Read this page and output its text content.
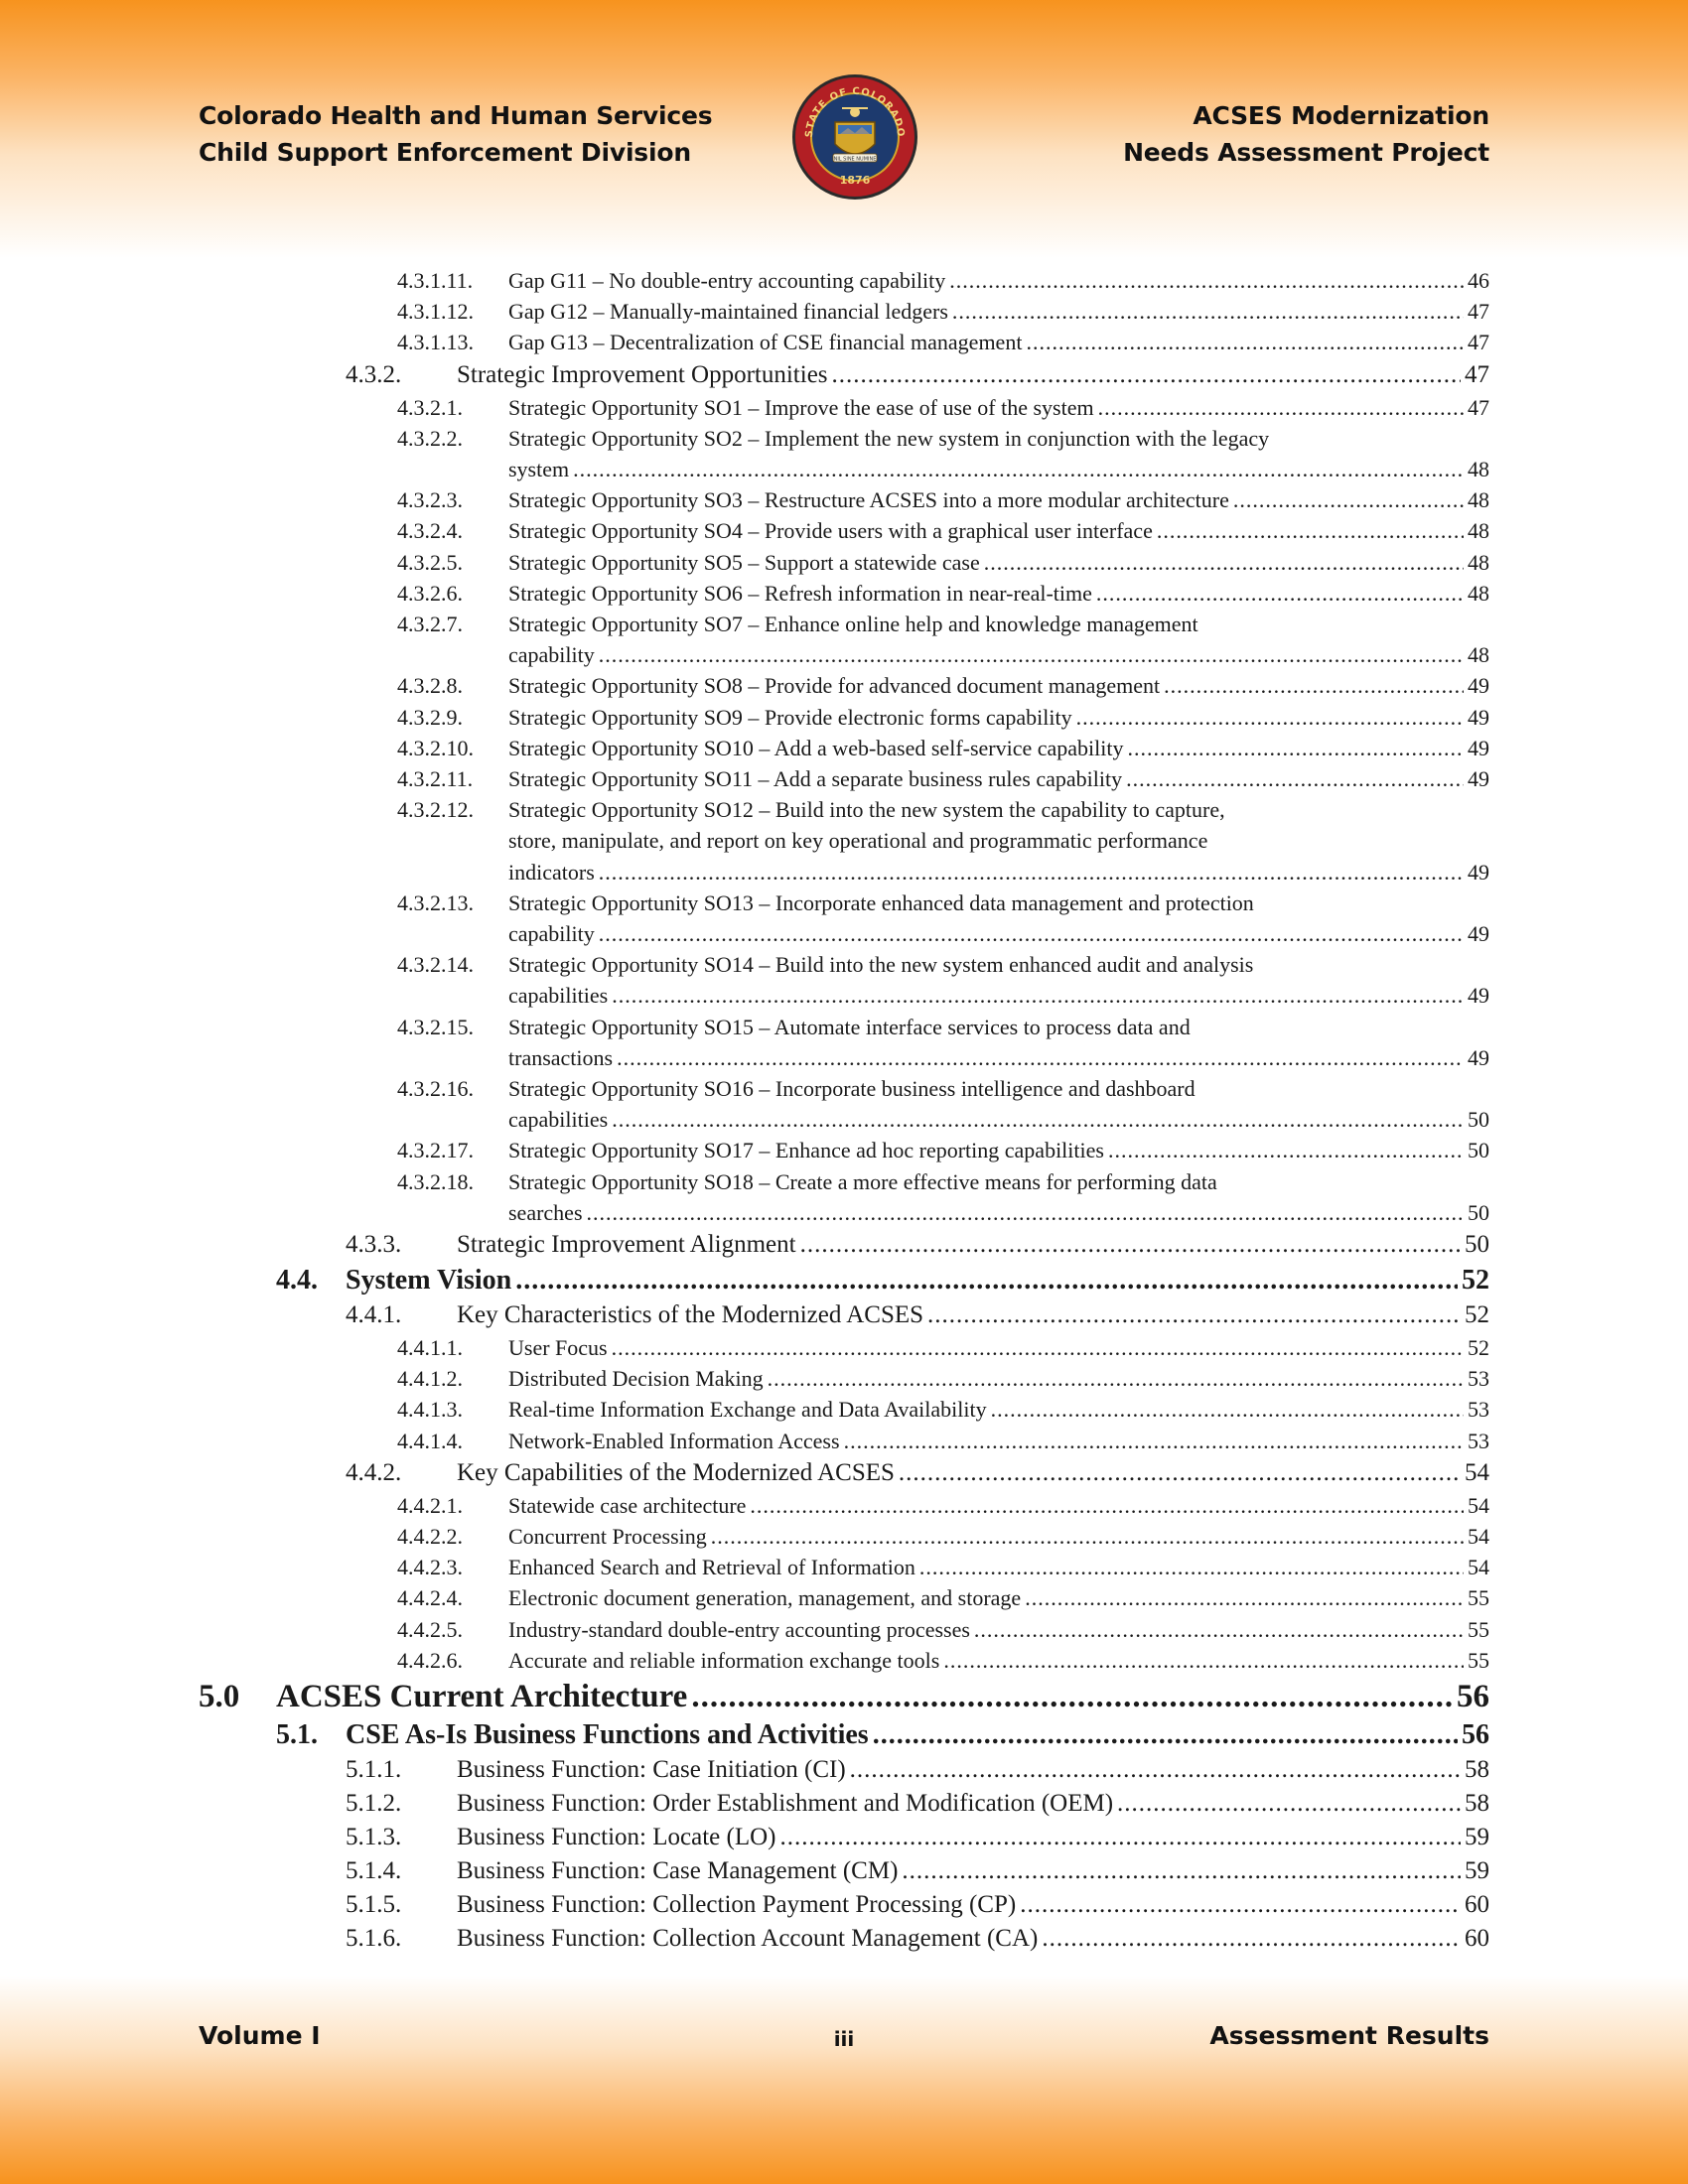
Colorado Health and Human Services
Child Support Enforcement Division
STATE OF COLORADO
NIL SINE NUMINE
1876
ACSES Modernization
Needs Assessment Project
4.3.1.11. Gap G11 – No double-entry accounting capability .....	46
4.3.1.12. Gap G12 – Manually-maintained financial ledgers .....	47
4.3.1.13. Gap G13 – Decentralization of CSE financial management .....	47
4.3.2. Strategic Improvement Opportunities .....	47
4.3.2.1. Strategic Opportunity SO1 – Improve the ease of use of the system .....	47
4.3.2.2. Strategic Opportunity SO2 – Implement the new system in conjunction with the legacy
system .....	48
4.3.2.3. Strategic Opportunity SO3 – Restructure ACSES into a more modular architecture .....	48
4.3.2.4. Strategic Opportunity SO4 – Provide users with a graphical user interface .....	48
4.3.2.5. Strategic Opportunity SO5 – Support a statewide case .....	48
4.3.2.6. Strategic Opportunity SO6 – Refresh information in near-real-time .....	48
4.3.2.7. Strategic Opportunity SO7 – Enhance online help and knowledge management
capability .....	48
4.3.2.8. Strategic Opportunity SO8 – Provide for advanced document management .....	49
4.3.2.9. Strategic Opportunity SO9 – Provide electronic forms capability .....	49
4.3.2.10. Strategic Opportunity SO10 – Add a web-based self-service capability .....	49
4.3.2.11. Strategic Opportunity SO11 – Add a separate business rules capability .....	49
4.3.2.12. Strategic Opportunity SO12 – Build into the new system the capability to capture,
store, manipulate, and report on key operational and programmatic performance
indicators .....	49
4.3.2.13. Strategic Opportunity SO13 – Incorporate enhanced data management and protection
capability .....	49
4.3.2.14. Strategic Opportunity SO14 – Build into the new system enhanced audit and analysis
capabilities .....	49
4.3.2.15. Strategic Opportunity SO15 – Automate interface services to process data and
transactions .....	49
4.3.2.16. Strategic Opportunity SO16 – Incorporate business intelligence and dashboard
capabilities .....	50
4.3.2.17. Strategic Opportunity SO17 – Enhance ad hoc reporting capabilities .....	50
4.3.2.18. Strategic Opportunity SO18 – Create a more effective means for performing data
searches .....	50
4.3.3. Strategic Improvement Alignment .....	50
4.4. System Vision .....	52
4.4.1. Key Characteristics of the Modernized ACSES .....	52
4.4.1.1. User Focus .....	52
4.4.1.2. Distributed Decision Making .....	53
4.4.1.3. Real-time Information Exchange and Data Availability .....	53
4.4.1.4. Network-Enabled Information Access .....	53
4.4.2. Key Capabilities of the Modernized ACSES .....	54
4.4.2.1. Statewide case architecture .....	54
4.4.2.2. Concurrent Processing .....	54
4.4.2.3. Enhanced Search and Retrieval of Information .....	54
4.4.2.4. Electronic document generation, management, and storage .....	55
4.4.2.5. Industry-standard double-entry accounting processes .....	55
4.4.2.6. Accurate and reliable information exchange tools .....	55
5.0 ACSES Current Architecture .....	56
5.1. CSE As-Is Business Functions and Activities .....	56
5.1.1. Business Function: Case Initiation (CI) .....	58
5.1.2. Business Function: Order Establishment and Modification (OEM) .....	58
5.1.3. Business Function: Locate (LO) .....	59
5.1.4. Business Function: Case Management (CM) .....	59
5.1.5. Business Function: Collection Payment Processing (CP) .....	60
5.1.6. Business Function: Collection Account Management (CA) .....	60
Volume I	iii	Assessment Results
